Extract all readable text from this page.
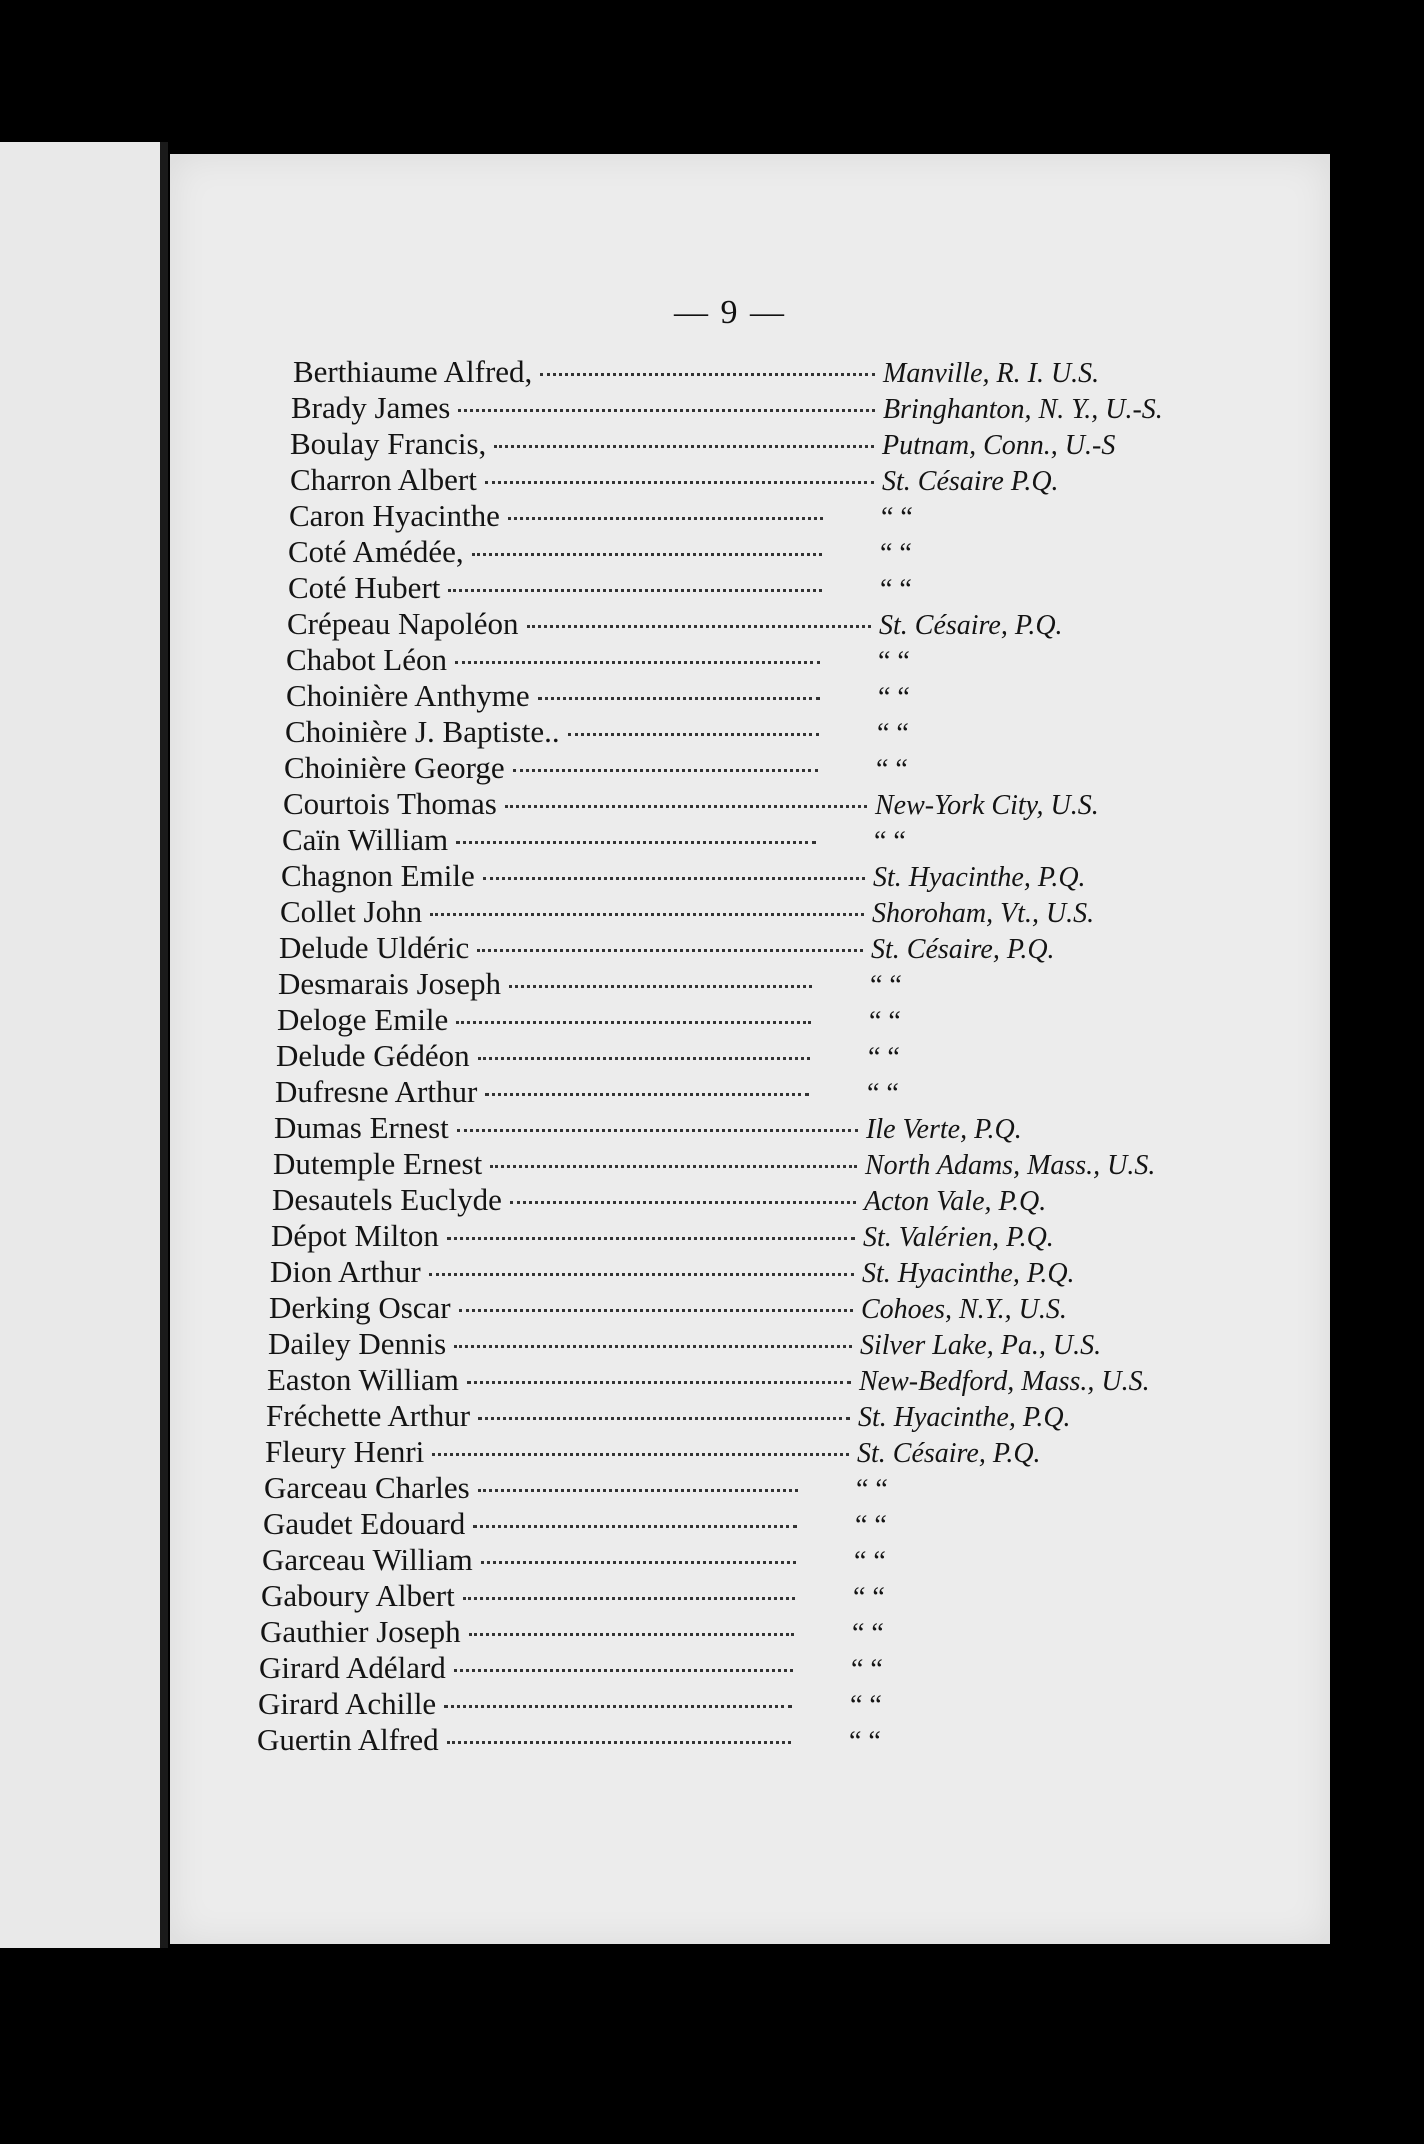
— 9 —
Berthiaume Alfred,	Manville, R. I. U.S.
Brady James	Bringhanton, N. Y., U.-S.
Boulay Francis,	Putnam, Conn., U.-S
Charron Albert	St. Césaire P.Q.
Caron Hyacinthe	“ “
Coté Amédée,	“ “
Coté Hubert	“ “
Crépeau Napoléon	St. Césaire, P.Q.
Chabot Léon	“ “
Choinière Anthyme	“ “
Choinière J. Baptiste..	“ “
Choinière George	“ “
Courtois Thomas	New-York City, U.S.
Caïn William	“ “
Chagnon Emile	St. Hyacinthe, P.Q.
Collet John	Shoroham, Vt., U.S.
Delude Uldéric	St. Césaire, P.Q.
Desmarais Joseph	“ “
Deloge Emile	“ “
Delude Gédéon	“ “
Dufresne Arthur	“ “
Dumas Ernest	Ile Verte, P.Q.
Dutemple Ernest	North Adams, Mass., U.S.
Desautels Euclyde	Acton Vale, P.Q.
Dépot Milton	St. Valérien, P.Q.
Dion Arthur	St. Hyacinthe, P.Q.
Derking Oscar	Cohoes, N.Y., U.S.
Dailey Dennis	Silver Lake, Pa., U.S.
Easton William	New-Bedford, Mass., U.S.
Fréchette Arthur	St. Hyacinthe, P.Q.
Fleury Henri	St. Césaire, P.Q.
Garceau Charles	“ “
Gaudet Edouard	“ “
Garceau William	“ “
Gaboury Albert	“ “
Gauthier Joseph	“ “
Girard Adélard	“ “
Girard Achille	“ “
Guertin Alfred	“ “
